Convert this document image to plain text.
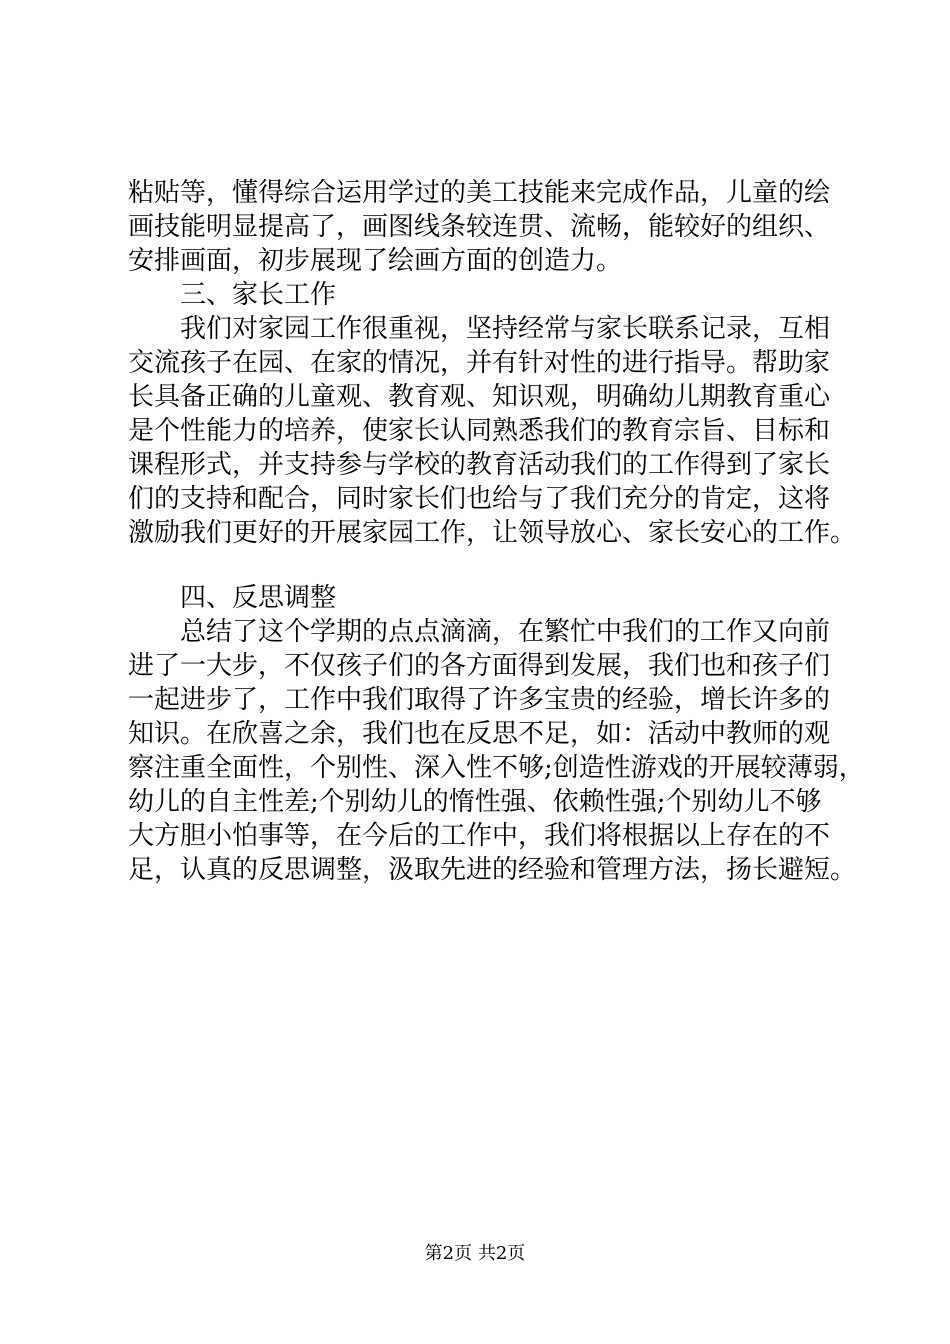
粘贴等，懂得综合运用学过的美工技能来完成作品，儿童的绘

画技能明显提高了，画图线条较连贯、流畅，能较好的组织、

安排画面，初步展现了绘画方面的创造力。

三、家长工作

我们对家园工作很重视，坚持经常与家长联系记录，互相

交流孩子在园、在家的情况，并有针对性的进行指导。帮助家

长具备正确的儿童观、教育观、知识观，明确幼儿期教育重心

是个性能力的培养，使家长认同熟悉我们的教育宗旨、目标和

课程形式，并支持参与学校的教育活动我们的工作得到了家长

们的支持和配合，同时家长们也给与了我们充分的肯定，这将

激励我们更好的开展家园工作，让领导放心、家长安心的工作。

四、反思调整

总结了这个学期的点点滴滴，在繁忙中我们的工作又向前

进了一大步，不仅孩子们的各方面得到发展，我们也和孩子们

一起进步了，工作中我们取得了许多宝贵的经验，增长许多的

知识。在欣喜之余，我们也在反思不足，如：活动中教师的观

察注重全面性，个别性、深入性不够;创造性游戏的开展较薄弱，

幼儿的自主性差;个别幼儿的惰性强、依赖性强;个别幼儿不够

大方胆小怕事等，在今后的工作中，我们将根据以上存在的不

足，认真的反思调整，汲取先进的经验和管理方法，扬长避短。

第2页 共2页
